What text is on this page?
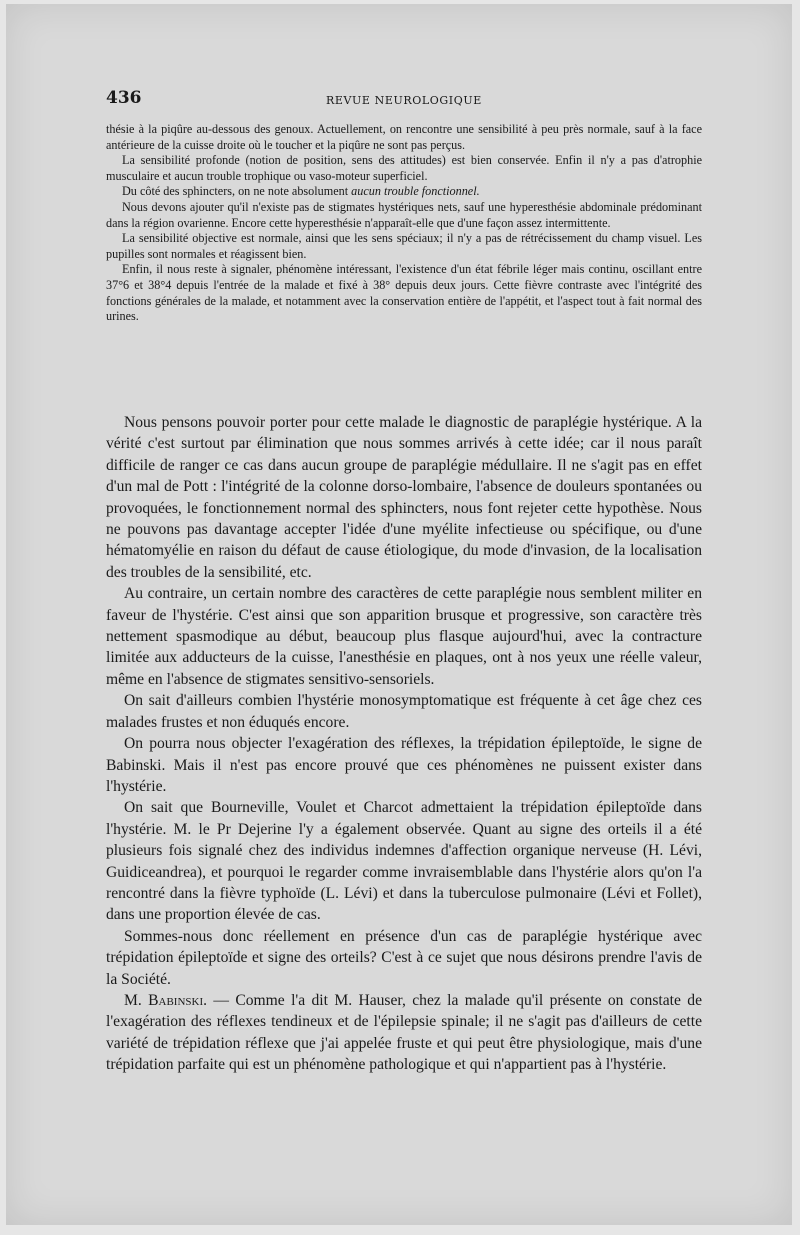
436	REVUE NEUROLOGIQUE

thésie à la piqûre au-dessous des genoux. Actuellement, on rencontre une sensibilité à peu près normale, sauf à la face antérieure de la cuisse droite où le toucher et la piqûre ne sont pas perçus.

La sensibilité profonde (notion de position, sens des attitudes) est bien conservée. Enfin il n'y a pas d'atrophie musculaire et aucun trouble trophique ou vaso-moteur superficiel.

Du côté des sphincters, on ne note absolument aucun trouble fonctionnel.

Nous devons ajouter qu'il n'existe pas de stigmates hystériques nets, sauf une hyperesthésie abdominale prédominant dans la région ovarienne. Encore cette hyperesthésie n'apparaît-elle que d'une façon assez intermittente.

La sensibilité objective est normale, ainsi que les sens spéciaux; il n'y a pas de rétrécissement du champ visuel. Les pupilles sont normales et réagissent bien.

Enfin, il nous reste à signaler, phénomène intéressant, l'existence d'un état fébrile léger mais continu, oscillant entre 37°6 et 38°4 depuis l'entrée de la malade et fixé à 38° depuis deux jours. Cette fièvre contraste avec l'intégrité des fonctions générales de la malade, et notamment avec la conservation entière de l'appétit, et l'aspect tout à fait normal des urines.

Nous pensons pouvoir porter pour cette malade le diagnostic de paraplégie hystérique. A la vérité c'est surtout par élimination que nous sommes arrivés à cette idée; car il nous paraît difficile de ranger ce cas dans aucun groupe de paraplégie médullaire. Il ne s'agit pas en effet d'un mal de Pott : l'intégrité de la colonne dorso-lombaire, l'absence de douleurs spontanées ou provoquées, le fonctionnement normal des sphincters, nous font rejeter cette hypothèse. Nous ne pouvons pas davantage accepter l'idée d'une myélite infectieuse ou spécifique, ou d'une hématomyélie en raison du défaut de cause étiologique, du mode d'invasion, de la localisation des troubles de la sensibilité, etc.

Au contraire, un certain nombre des caractères de cette paraplégie nous semblent militer en faveur de l'hystérie. C'est ainsi que son apparition brusque et progressive, son caractère très nettement spasmodique au début, beaucoup plus flasque aujourd'hui, avec la contracture limitée aux adducteurs de la cuisse, l'anesthésie en plaques, ont à nos yeux une réelle valeur, même en l'absence de stigmates sensitivo-sensoriels.

On sait d'ailleurs combien l'hystérie monosymptomatique est fréquente à cet âge chez ces malades frustes et non éduqués encore.

On pourra nous objecter l'exagération des réflexes, la trépidation épileptoïde, le signe de Babinski. Mais il n'est pas encore prouvé que ces phénomènes ne puissent exister dans l'hystérie.

On sait que Bourneville, Voulet et Charcot admettaient la trépidation épileptoïde dans l'hystérie. M. le Pr Dejerine l'y a également observée. Quant au signe des orteils il a été plusieurs fois signalé chez des individus indemnes d'affection organique nerveuse (H. Lévi, Guidiceandrea), et pourquoi le regarder comme invraisemblable dans l'hystérie alors qu'on l'a rencontré dans la fièvre typhoïde (L. Lévi) et dans la tuberculose pulmonaire (Lévi et Follet), dans une proportion élevée de cas.

Sommes-nous donc réellement en présence d'un cas de paraplégie hystérique avec trépidation épileptoïde et signe des orteils? C'est à ce sujet que nous désirons prendre l'avis de la Société.

M. Babinski. — Comme l'a dit M. Hauser, chez la malade qu'il présente on constate de l'exagération des réflexes tendineux et de l'épilepsie spinale; il ne s'agit pas d'ailleurs de cette variété de trépidation réflexe que j'ai appelée fruste et qui peut être physiologique, mais d'une trépidation parfaite qui est un phénomène pathologique et qui n'appartient pas à l'hystérie.
